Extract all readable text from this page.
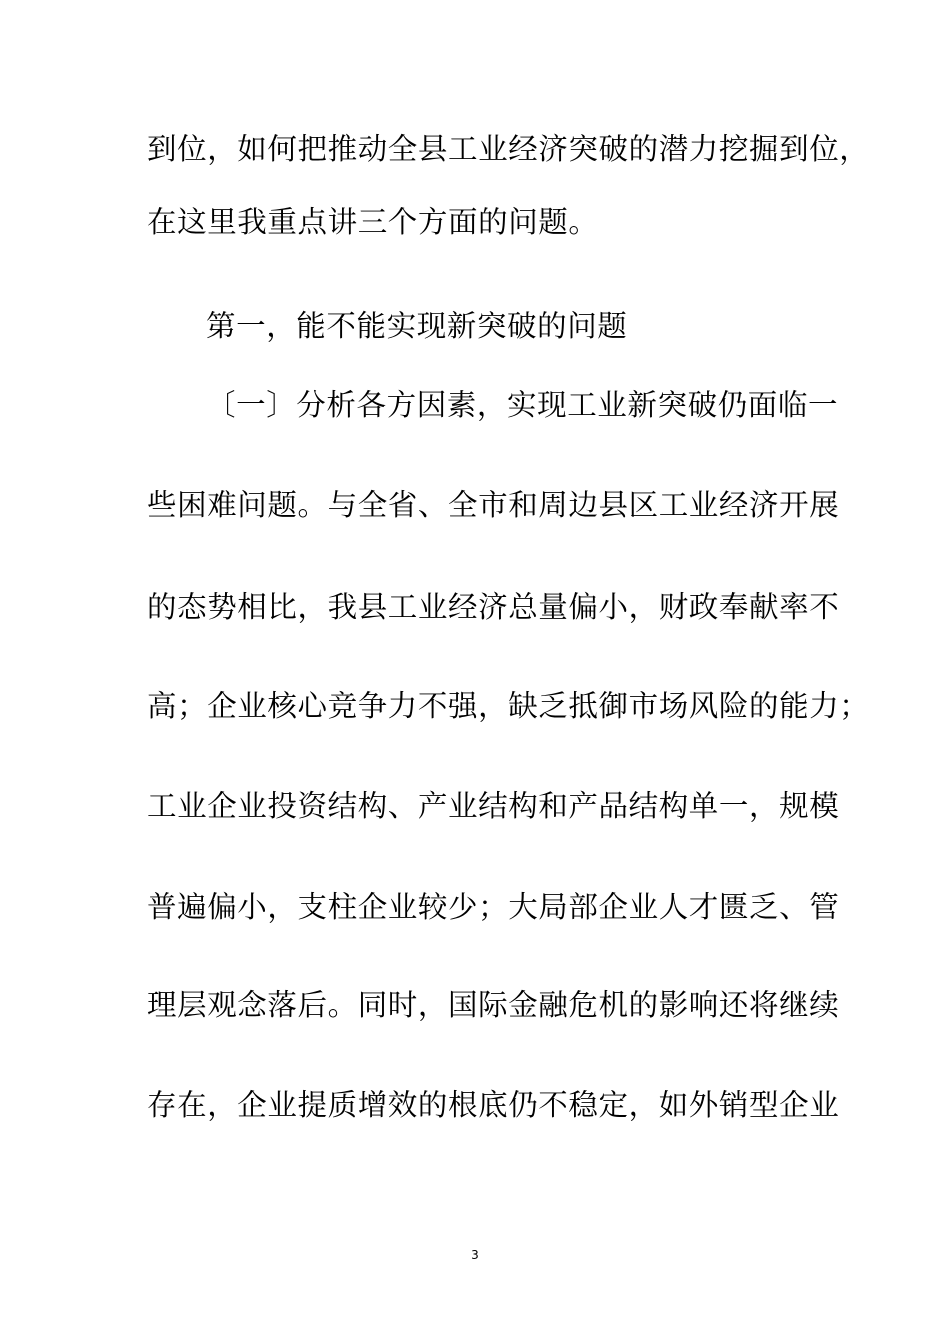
到位，如何把推动全县工业经济突破的潜力挖掘到位，
在这里我重点讲三个方面的问题。
第一，能不能实现新突破的问题
〔一〕分析各方因素，实现工业新突破仍面临一
些困难问题。与全省、全市和周边县区工业经济开展
的态势相比，我县工业经济总量偏小，财政奉献率不
高；企业核心竞争力不强，缺乏抵御市场风险的能力；
工业企业投资结构、产业结构和产品结构单一，规模
普遍偏小，支柱企业较少；大局部企业人才匮乏、管
理层观念落后。同时，国际金融危机的影响还将继续
存在，企业提质增效的根底仍不稳定，如外销型企业
3
